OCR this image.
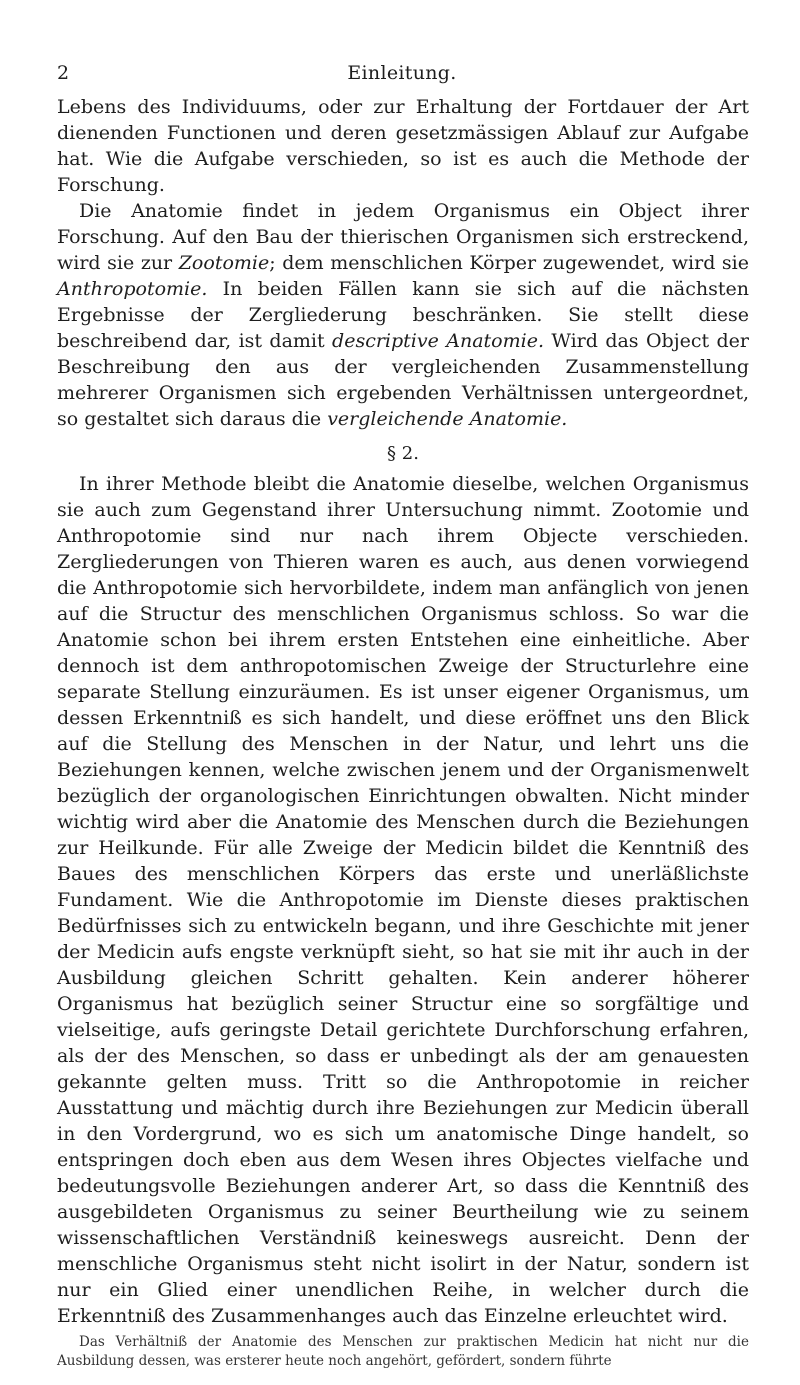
2	Einleitung.

Lebens des Individuums, oder zur Erhaltung der Fortdauer der Art dienenden Functionen und deren gesetzmässigen Ablauf zur Aufgabe hat. Wie die Aufgabe verschieden, so ist es auch die Methode der Forschung.

Die Anatomie findet in jedem Organismus ein Object ihrer Forschung. Auf den Bau der thierischen Organismen sich erstreckend, wird sie zur Zootomie; dem menschlichen Körper zugewendet, wird sie Anthropotomie. In beiden Fällen kann sie sich auf die nächsten Ergebnisse der Zergliederung beschränken. Sie stellt diese beschreibend dar, ist damit descriptive Anatomie. Wird das Object der Beschreibung den aus der vergleichenden Zusammenstellung mehrerer Organismen sich ergebenden Verhältnissen untergeordnet, so gestaltet sich daraus die vergleichende Anatomie.

§ 2.

In ihrer Methode bleibt die Anatomie dieselbe, welchen Organismus sie auch zum Gegenstand ihrer Untersuchung nimmt. Zootomie und Anthropotomie sind nur nach ihrem Objecte verschieden. Zergliederungen von Thieren waren es auch, aus denen vorwiegend die Anthropotomie sich hervorbildete, indem man anfänglich von jenen auf die Structur des menschlichen Organismus schloss. So war die Anatomie schon bei ihrem ersten Entstehen eine einheitliche. Aber dennoch ist dem anthropotomischen Zweige der Structurlehre eine separate Stellung einzuräumen. Es ist unser eigener Organismus, um dessen Erkenntniß es sich handelt, und diese eröffnet uns den Blick auf die Stellung des Menschen in der Natur, und lehrt uns die Beziehungen kennen, welche zwischen jenem und der Organismenwelt bezüglich der organologischen Einrichtungen obwalten. Nicht minder wichtig wird aber die Anatomie des Menschen durch die Beziehungen zur Heilkunde. Für alle Zweige der Medicin bildet die Kenntniß des Baues des menschlichen Körpers das erste und unerläßlichste Fundament. Wie die Anthropotomie im Dienste dieses praktischen Bedürfnisses sich zu entwickeln begann, und ihre Geschichte mit jener der Medicin aufs engste verknüpft sieht, so hat sie mit ihr auch in der Ausbildung gleichen Schritt gehalten. Kein anderer höherer Organismus hat bezüglich seiner Structur eine so sorgfältige und vielseitige, aufs geringste Detail gerichtete Durchforschung erfahren, als der des Menschen, so dass er unbedingt als der am genauesten gekannte gelten muss. Tritt so die Anthropotomie in reicher Ausstattung und mächtig durch ihre Beziehungen zur Medicin überall in den Vordergrund, wo es sich um anatomische Dinge handelt, so entspringen doch eben aus dem Wesen ihres Objectes vielfache und bedeutungsvolle Beziehungen anderer Art, so dass die Kenntniß des ausgebildeten Organismus zu seiner Beurtheilung wie zu seinem wissenschaftlichen Verständniß keineswegs ausreicht. Denn der menschliche Organismus steht nicht isolirt in der Natur, sondern ist nur ein Glied einer unendlichen Reihe, in welcher durch die Erkenntniß des Zusammenhanges auch das Einzelne erleuchtet wird.

Das Verhältniß der Anatomie des Menschen zur praktischen Medicin hat nicht nur die Ausbildung dessen, was ersterer heute noch angehört, gefördert, sondern führte
